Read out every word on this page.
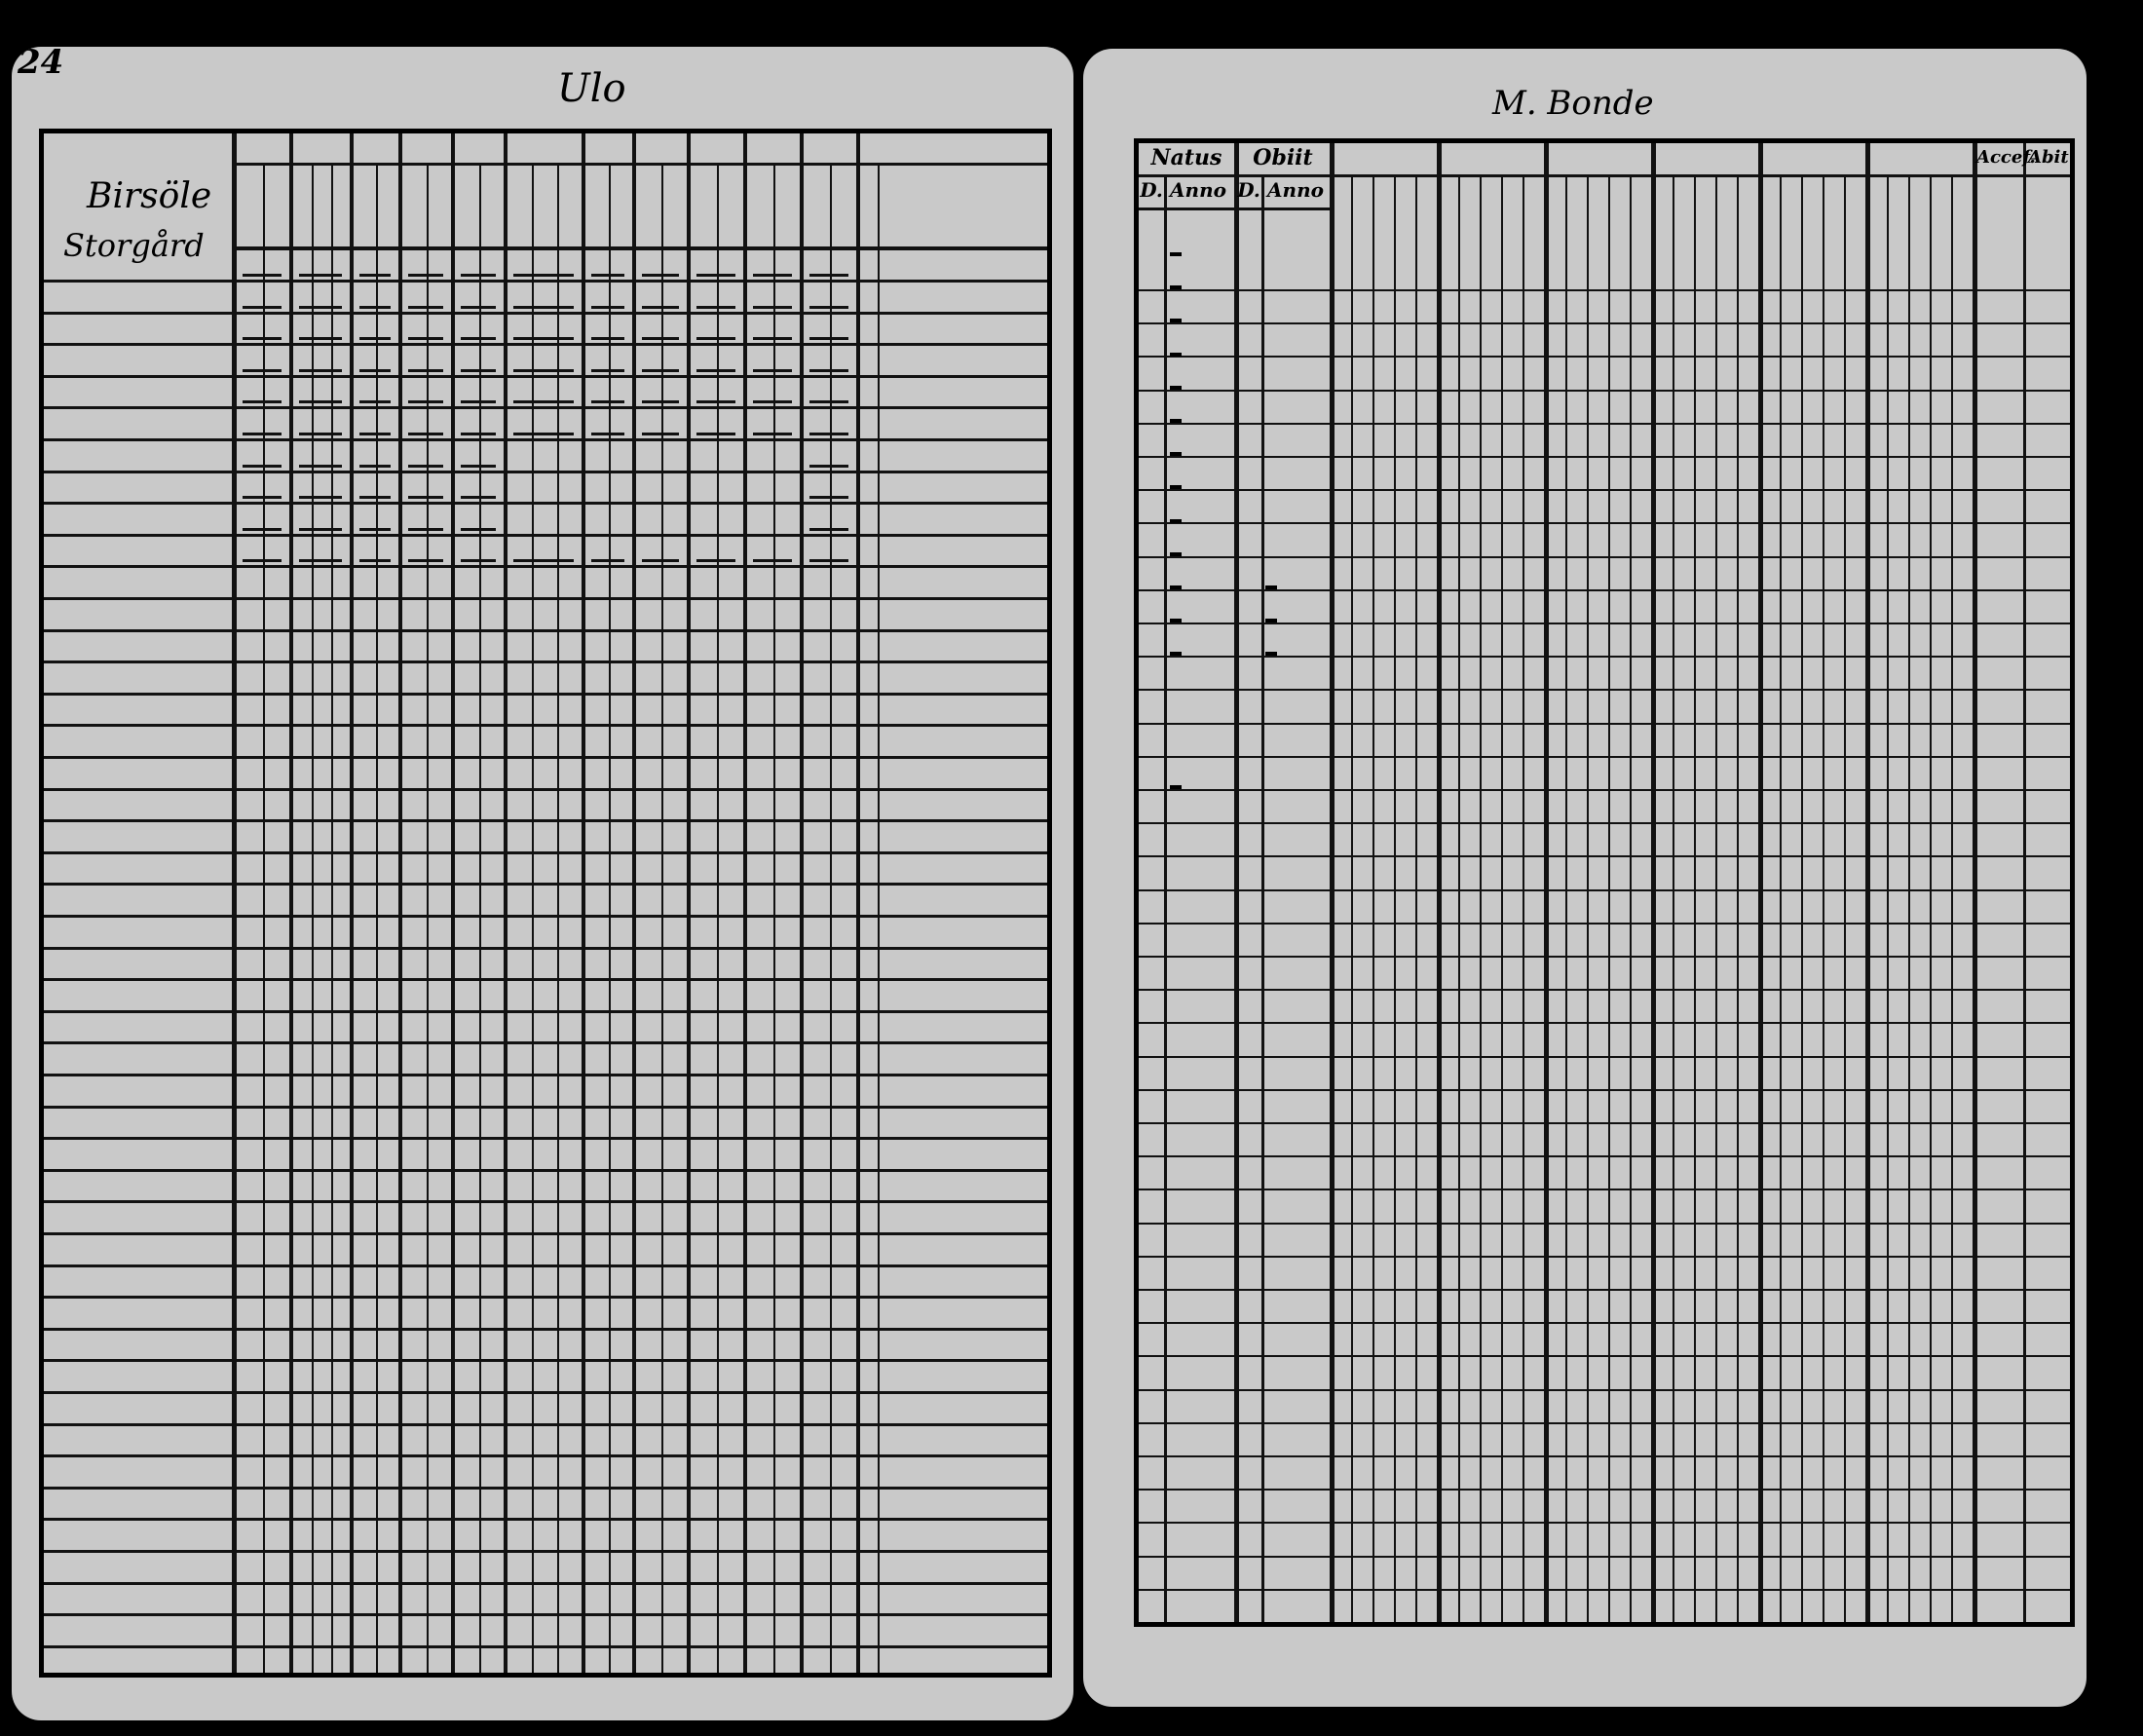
24
Ulo
Birsöle
Storgård
M. Bonde
Natus	Obiit
D. Anno D. Anno
Accef.
Abit.
